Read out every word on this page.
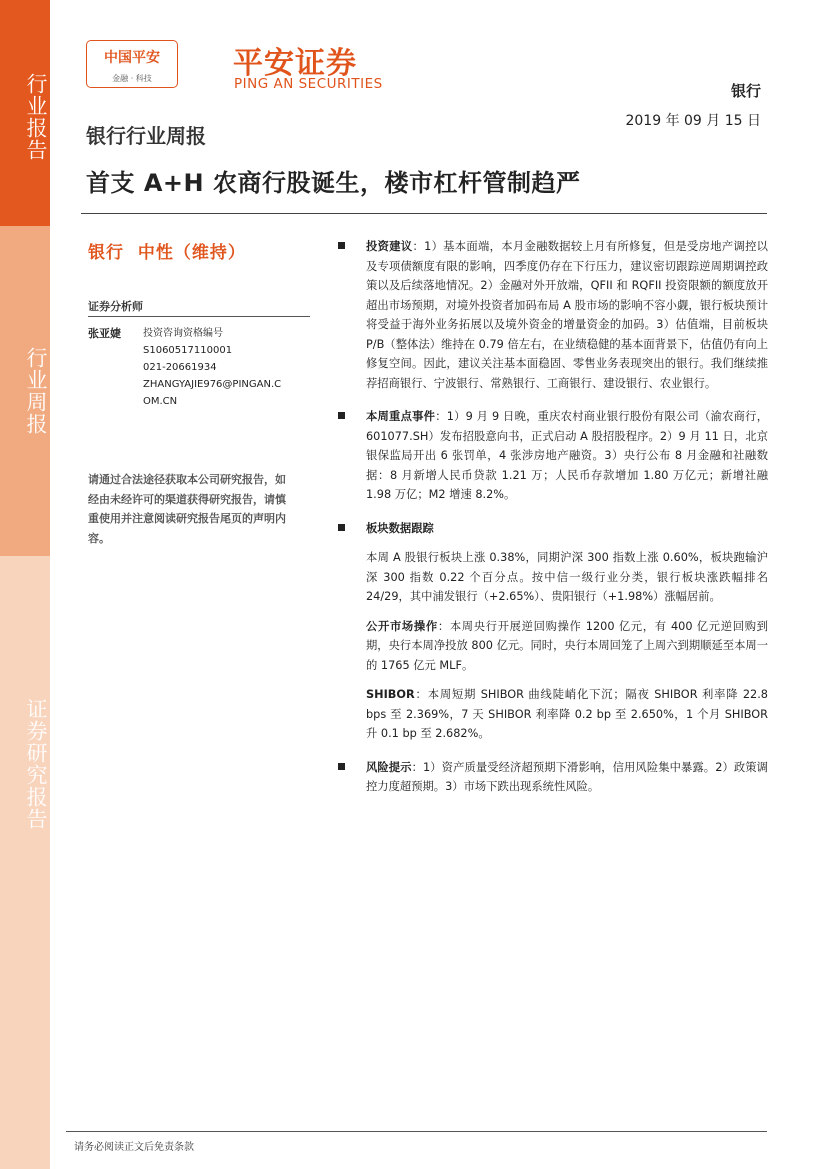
行业报告
行业周报
证券研究报告
中国平安
金融 · 科技	平安证券
PING AN SECURITIES	银行
2019 年 09 月 15 日
银行行业周报
首支 A+H 农商行股诞生，楼市杠杆管制趋严
银行  中性（维持）
证券分析师
张亚婕 投资咨询资格编号
S1060517110001
021-20661934
ZHANGYAJIE976@PINGAN.COM.CN
请通过合法途径获取本公司研究报告，如经由未经许可的渠道获得研究报告，请慎重使用并注意阅读研究报告尾页的声明内容。
投资建议：1）基本面端，本月金融数据较上月有所修复，但是受房地产调控以及专项债额度有限的影响，四季度仍存在下行压力，建议密切跟踪逆周期调控政策以及后续落地情况。2）金融对外开放端，QFII 和 RQFII 投资限额的额度放开超出市场预期，对境外投资者加码布局 A 股市场的影响不容小觑，银行板块预计将受益于海外业务拓展以及境外资金的增量资金的加码。3）估值端，目前板块 P/B（整体法）维持在 0.79 倍左右，在业绩稳健的基本面背景下，估值仍有向上修复空间。因此，建议关注基本面稳固、零售业务表现突出的银行。我们继续推荐招商银行、宁波银行、常熟银行、工商银行、建设银行、农业银行。
本周重点事件：1）9 月 9 日晚，重庆农村商业银行股份有限公司（渝农商行，601077.SH）发布招股意向书，正式启动 A 股招股程序。2）9 月 11 日，北京银保监局开出 6 张罚单，4 张涉房地产融资。3）央行公布 8 月金融和社融数据：8 月新增人民币贷款 1.21 万；人民币存款增加 1.80 万亿元；新增社融 1.98 万亿；M2 增速 8.2%。
板块数据跟踪
本周 A 股银行板块上涨 0.38%，同期沪深 300 指数上涨 0.60%，板块跑输沪深 300 指数 0.22 个百分点。按中信一级行业分类，银行板块涨跌幅排名 24/29，其中浦发银行（+2.65%）、贵阳银行（+1.98%）涨幅居前。
公开市场操作：本周央行开展逆回购操作 1200 亿元，有 400 亿元逆回购到期，央行本周净投放 800 亿元。同时，央行本周回笼了上周六到期顺延至本周一的 1765 亿元 MLF。
SHIBOR：本周短期 SHIBOR 曲线陡峭化下沉；隔夜 SHIBOR 利率降 22.8 bps 至 2.369%，7 天 SHIBOR 利率降 0.2 bp 至 2.650%，1 个月 SHIBOR 升 0.1 bp 至 2.682%。
风险提示：1）资产质量受经济超预期下滑影响，信用风险集中暴露。2）政策调控力度超预期。3）市场下跌出现系统性风险。
请务必阅读正文后免责条款
